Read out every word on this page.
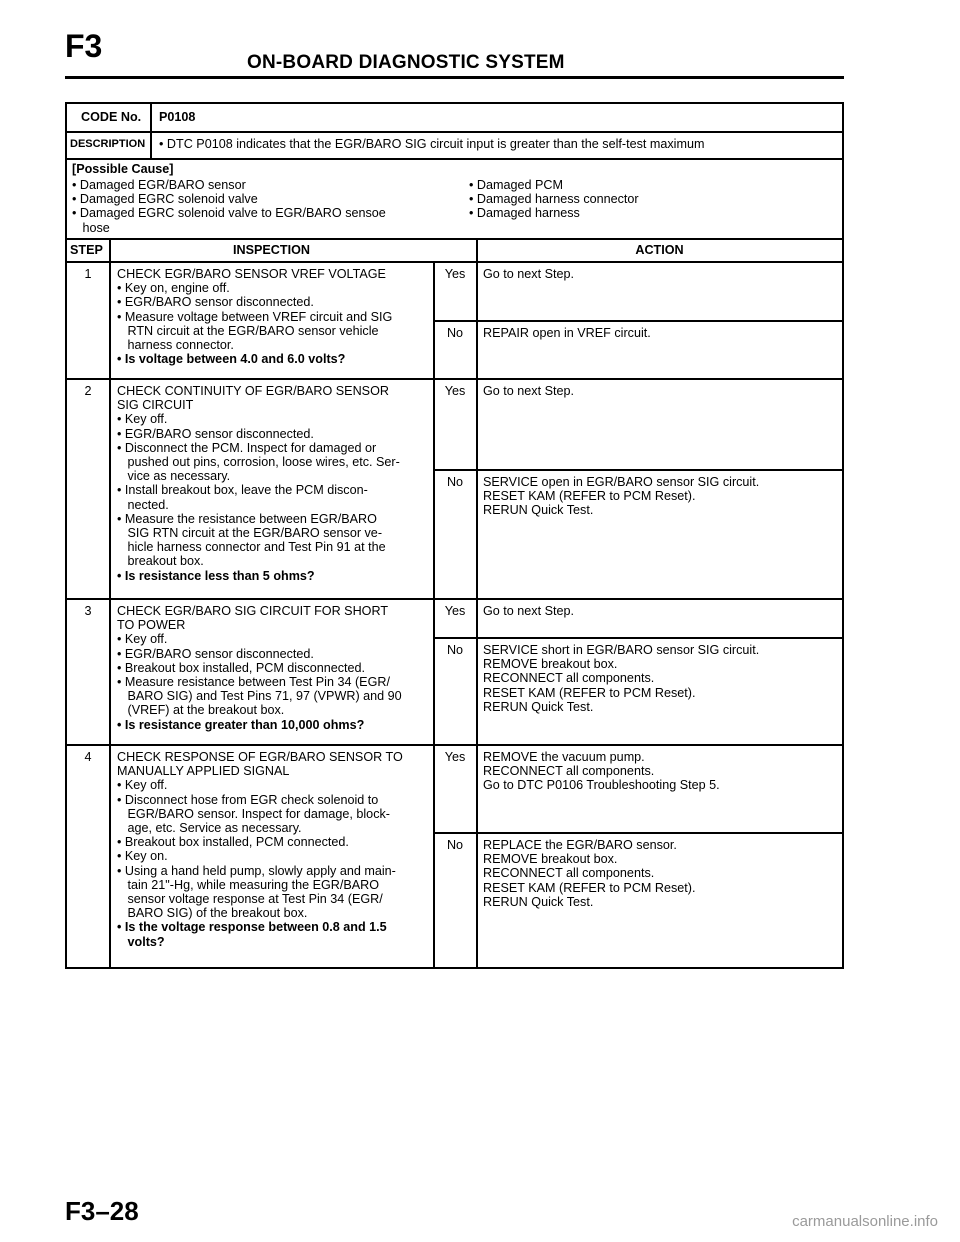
F3	ON-BOARD DIAGNOSTIC SYSTEM
CODE No. P0108
DESCRIPTION • DTC P0108 indicates that the EGR/BARO SIG circuit input is greater than the self-test maximum
[Possible Cause]
• Damaged EGR/BARO sensor
• Damaged EGRC solenoid valve
• Damaged EGRC solenoid valve to EGR/BARO sensoe
hose
• Damaged PCM
• Damaged harness connector
• Damaged harness
STEP	INSPECTION	ACTION
1	CHECK EGR/BARO SENSOR VREF VOLTAGE
• Key on, engine off.
• EGR/BARO sensor disconnected.
• Measure voltage between VREF circuit and SIG
RTN circuit at the EGR/BARO sensor vehicle
harness connector.
• Is voltage between 4.0 and 6.0 volts?
Yes	Go to next Step.
No	REPAIR open in VREF circuit.
2	CHECK CONTINUITY OF EGR/BARO SENSOR
SIG CIRCUIT
• Key off.
• EGR/BARO sensor disconnected.
• Disconnect the PCM. Inspect for damaged or
pushed out pins, corrosion, loose wires, etc. Ser-
vice as necessary.
• Install breakout box, leave the PCM discon-
nected.
• Measure the resistance between EGR/BARO
SIG RTN circuit at the EGR/BARO sensor ve-
hicle harness connector and Test Pin 91 at the
breakout box.
• Is resistance less than 5 ohms?
Yes	Go to next Step.
No	SERVICE open in EGR/BARO sensor SIG circuit.
RESET KAM (REFER to PCM Reset).
RERUN Quick Test.
3	CHECK EGR/BARO SIG CIRCUIT FOR SHORT
TO POWER
• Key off.
• EGR/BARO sensor disconnected.
• Breakout box installed, PCM disconnected.
• Measure resistance between Test Pin 34 (EGR/
BARO SIG) and Test Pins 71, 97 (VPWR) and 90
(VREF) at the breakout box.
• Is resistance greater than 10,000 ohms?
Yes	Go to next Step.
No	SERVICE short in EGR/BARO sensor SIG circuit.
REMOVE breakout box.
RECONNECT all components.
RESET KAM (REFER to PCM Reset).
RERUN Quick Test.
4	CHECK RESPONSE OF EGR/BARO SENSOR TO
MANUALLY APPLIED SIGNAL
• Key off.
• Disconnect hose from EGR check solenoid to
EGR/BARO sensor. Inspect for damage, block-
age, etc. Service as necessary.
• Breakout box installed, PCM connected.
• Key on.
• Using a hand held pump, slowly apply and main-
tain 21"-Hg, while measuring the EGR/BARO
sensor voltage response at Test Pin 34 (EGR/
BARO SIG) of the breakout box.
• Is the voltage response between 0.8 and 1.5
volts?
Yes	REMOVE the vacuum pump.
RECONNECT all components.
Go to DTC P0106 Troubleshooting Step 5.
No	REPLACE the EGR/BARO sensor.
REMOVE breakout box.
RECONNECT all components.
RESET KAM (REFER to PCM Reset).
RERUN Quick Test.
F3–28	carmanualsonline.info
